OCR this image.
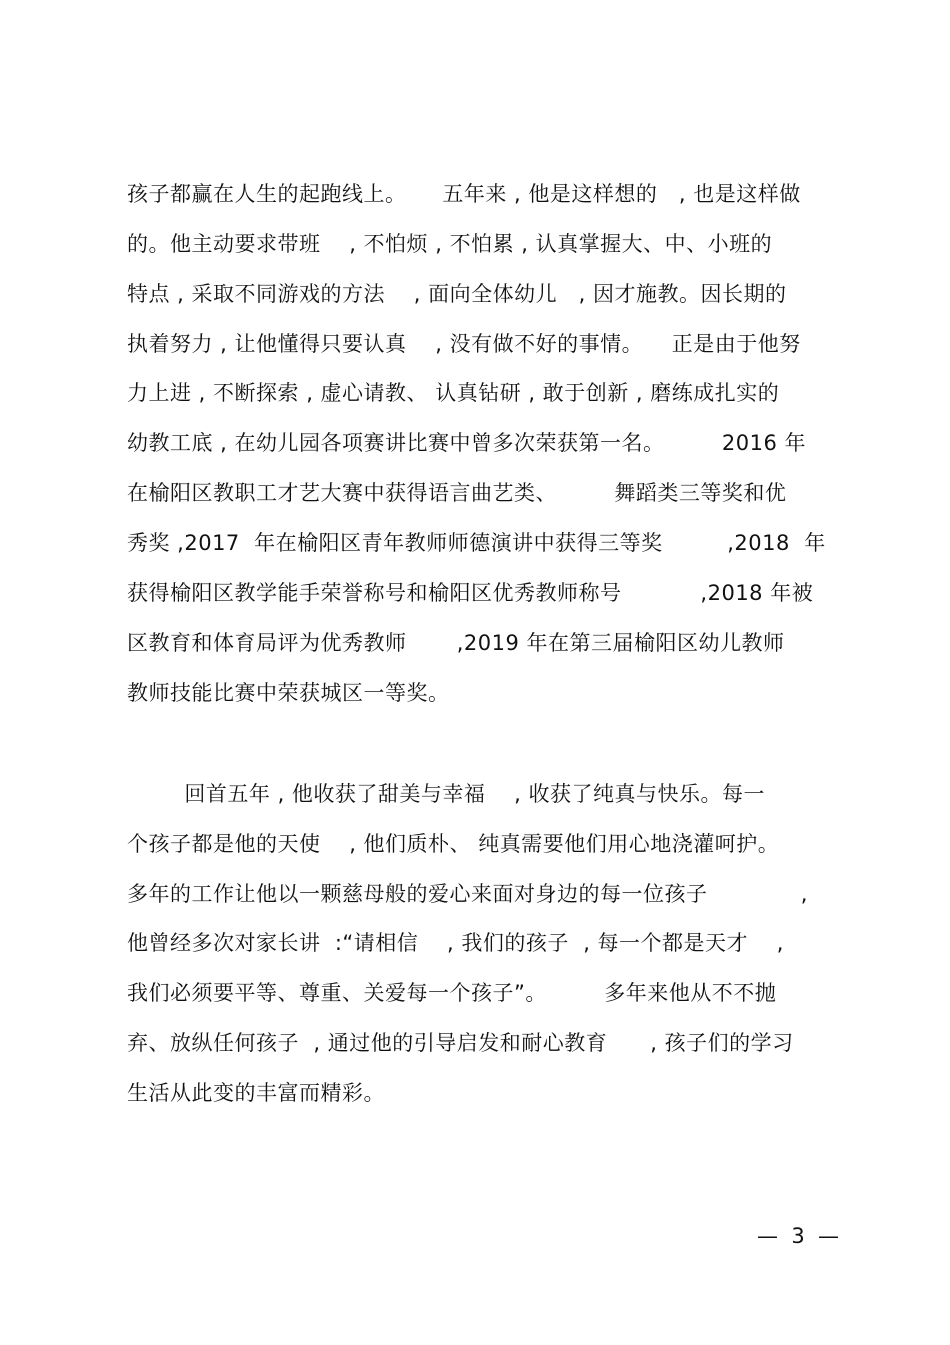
孩子都赢在人生的起跑线上。     五年来 , 他是这样想的   , 也是这样做
的。他主动要求带班    , 不怕烦 , 不怕累 , 认真掌握大、中、小班的
特点 , 采取不同游戏的方法    , 面向全体幼儿   , 因才施教。因长期的
执着努力 , 让他懂得只要认真    , 没有做不好的事情。    正是由于他努
力上进 , 不断探索 , 虚心请教、 认真钻研 , 敢于创新 , 磨练成扎实的
幼教工底 , 在幼儿园各项赛讲比赛中曾多次荣获第一名。        2016 年
在榆阳区教职工才艺大赛中获得语言曲艺类、        舞蹈类三等奖和优
秀奖 ,2017  年在榆阳区青年教师师德演讲中获得三等奖         ,2018  年
获得榆阳区教学能手荣誉称号和榆阳区优秀教师称号           ,2018 年被
区教育和体育局评为优秀教师       ,2019 年在第三届榆阳区幼儿教师
教师技能比赛中荣获城区一等奖。
回首五年 , 他收获了甜美与幸福    , 收获了纯真与快乐。每一
个孩子都是他的天使    , 他们质朴、 纯真需要他们用心地浇灌呵护。
多年的工作让他以一颗慈母般的爱心来面对身边的每一位孩子             ,
他曾经多次对家长讲  :“请相信    , 我们的孩子  , 每一个都是天才    ,
我们必须要平等、尊重、关爱每一个孩子”。        多年来他从不不抛
弃、放纵任何孩子  , 通过他的引导启发和耐心教育      , 孩子们的学习
生活从此变的丰富而精彩。
—  3  —
